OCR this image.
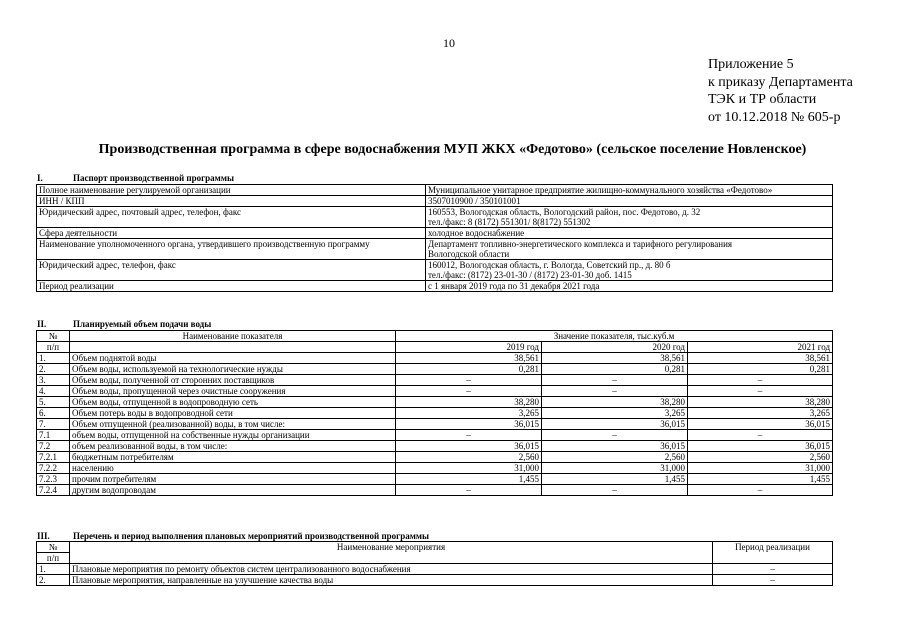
10
Приложение 5
к приказу Департамента
ТЭК и ТР области
от 10.12.2018 № 605-р
Производственная программа в сфере водоснабжения МУП ЖКХ «Федотово» (сельское поселение Новленское)
I.	Паспорт производственной программы
Полное наименование регулируемой организации	Муниципальное унитарное предприятие жилищно-коммунального хозяйства «Федотово»

ИНН / КПП	3507010900 / 350101001

Юридический адрес, почтовый адрес, телефон, факс	160553, Вологодская область, Вологодский район, пос. Федотово, д. 32
тел./факс: 8 (8172) 551301/ 8(8172) 551302

Сфера деятельности	холодное водоснабжение

Наименование уполномоченного органа, утвердившего производственную программу	Департамент топливно-энергетического комплекса и тарифного регулирования
Вологодской области

Юридический адрес, телефон, факс	160012, Вологодская область, г. Вологда, Советский пр., д. 80 б
тел./факс: (8172) 23-01-30 / (8172) 23-01-30 доб. 1415

Период реализации	с 1 января 2019 года по 31 декабря 2021 года
II.	Планируемый объем подачи воды
№	Наименование показателя	Значение показателя, тыс.куб.м		
п/п		2019 год	2020 год	2021 год
1.	Объем поднятой воды	38,561	38,561	38,561
2.	Объем воды, используемой на технологические нужды	0,281	0,281	0,281
3.	Объем воды, полученной от сторонних поставщиков	–	–	–
4.	Объем воды, пропущенной через очистные сооружения	–	–	–
5.	Объем воды, отпущенной в водопроводную сеть	38,280	38,280	38,280
6.	Объем потерь воды в водопроводной сети	3,265	3,265	3,265
7.	Объем отпущенной (реализованной) воды, в том числе:	36,015	36,015	36,015
7.1	объем воды, отпущенной на собственные нужды организации	–	–	–
7.2	объем реализованной воды, в том числе:	36,015	36,015	36,015
7.2.1	бюджетным потребителям	2,560	2,560	2,560
7.2.2	населению	31,000	31,000	31,000
7.2.3	прочим потребителям	1,455	1,455	1,455
7.2.4	другим водопроводам	–	–	–
III.	Перечень и период выполнения плановых мероприятий производственной программы
№	Наименование мероприятия	Период реализации
п/п		
1.	Плановые мероприятия по ремонту объектов систем централизованного водоснабжения	–
2.	Плановые мероприятия, направленные на улучшение качества воды	–
